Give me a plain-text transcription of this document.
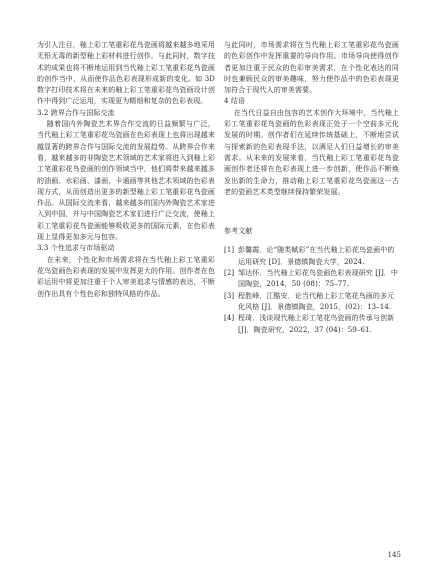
为引人注目，釉上彩工笔重彩花鸟瓷画将越来越多地采用无铅无毒的新型釉上彩材料进行创作。与此同时，数字技术的成果也将不断地运用到当代釉上彩工笔重彩花鸟瓷画的创作当中，从而使作品色彩表现形成新的变化。如 3D 数字打印技术将在未来的釉上彩工笔重彩花鸟瓷画设计创作中得到广泛运用，实现更为精细和复杂的色彩表现。

3.2 跨界合作与国际交流

随着国内外陶瓷艺术界合作交流的日益频繁与广泛，当代釉上彩工笔重彩花鸟瓷画在色彩表现上也将出现越来越显著的跨界合作与国际交流的发展趋势。从跨界合作来看，越来越多的非陶瓷艺术领域的艺术家将进入到釉上彩工笔重彩花鸟瓷画的创作领域当中，他们将带来越来越多的油画、水彩画、漆画、卡通画等其他艺术领域的色彩表现方式，从而创造出更多的新型釉上彩工笔重彩花鸟瓷画作品。从国际交流来看，越来越多的国内外陶瓷艺术家进入到中国，并与中国陶瓷艺术家们进行广泛交流，使釉上彩工笔重彩花鸟瓷画能够吸收更多的国际元素，在色彩表现上显得更加多元与包容。

3.3 个性追求与市场驱动

在未来，个性化和市场需求将在当代釉上彩工笔重彩花鸟瓷画色彩表现的发展中发挥更大的作用。创作者在色彩运用中将更加注重于个人审美追求与情感的表达，不断创作出具有个性色彩和独特风格的作品。

与此同时，市场需求将在当代釉上彩工笔重彩花鸟瓷画的色彩创作中发挥重要的导向作用。市场导向使得创作者更加注重于民众的色彩审美需求，在个性化表达的同时也兼顾民众的审美趣味，努力使作品中的色彩表现更加符合于现代人的审美需要。

4 结语

在当代日益自由包容的艺术创作大环境中，当代釉上彩工笔重彩花鸟瓷画的色彩表现正处于一个空前多元化发展的时期。创作者们在延续传统基础上，不断地尝试与探索新的色彩表现手法，以满足人们日益增长的审美需求。从未来的发展来看，当代釉上彩工笔重彩花鸟瓷画创作者还将在色彩表现上进一步创新，使作品不断焕发出新的生命力，推动釉上彩工笔重彩花鸟瓷画这一古老的瓷画艺术类型继续保持繁荣发展。

参考文献

[1] 彭馨霞．论“随类赋彩”在当代釉上彩花鸟瓷画中的运用研究 [D]．景德镇陶瓷大学，2024.
[2] 邹达怀．当代釉上彩花鸟瓷画色彩表现研究 [J]．中国陶瓷，2014，50 (08)：75–77.
[3] 程胜峰，江酷安．论当代釉上彩工笔花鸟画的多元化风格 [J]．景德镇陶瓷，2015，(02)：13–14.
[4] 程琦．浅谈现代釉上彩工笔花鸟瓷画的传承与创新 [J]．陶瓷研究，2022，37 (04)：59–61.
145
